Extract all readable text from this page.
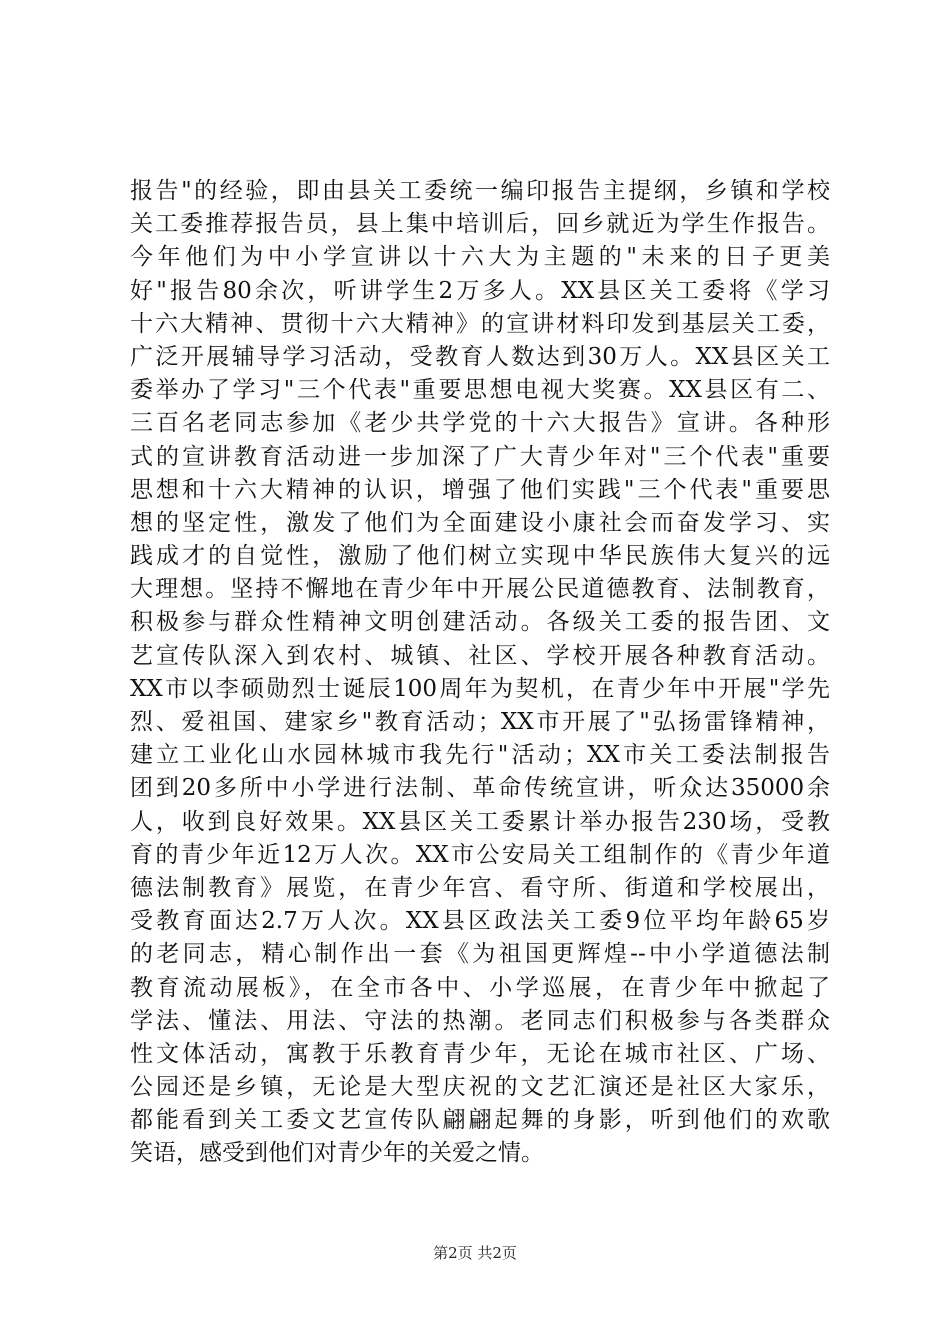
报告"的经验，即由县关工委统一编印报告主提纲，乡镇和学校
关工委推荐报告员，县上集中培训后，回乡就近为学生作报告。
今年他们为中小学宣讲以十六大为主题的"未来的日子更美
好"报告80余次，听讲学生2万多人。XX县区关工委将《学习
十六大精神、贯彻十六大精神》的宣讲材料印发到基层关工委，
广泛开展辅导学习活动，受教育人数达到30万人。XX县区关工
委举办了学习"三个代表"重要思想电视大奖赛。XX县区有二、
三百名老同志参加《老少共学党的十六大报告》宣讲。各种形
式的宣讲教育活动进一步加深了广大青少年对"三个代表"重要
思想和十六大精神的认识，增强了他们实践"三个代表"重要思
想的坚定性，激发了他们为全面建设小康社会而奋发学习、实
践成才的自觉性，激励了他们树立实现中华民族伟大复兴的远
大理想。坚持不懈地在青少年中开展公民道德教育、法制教育，
积极参与群众性精神文明创建活动。各级关工委的报告团、文
艺宣传队深入到农村、城镇、社区、学校开展各种教育活动。
XX市以李硕勋烈士诞辰100周年为契机，在青少年中开展"学先
烈、爱祖国、建家乡"教育活动；XX市开展了"弘扬雷锋精神，
建立工业化山水园林城市我先行"活动；XX市关工委法制报告
团到20多所中小学进行法制、革命传统宣讲，听众达35000余
人，收到良好效果。XX县区关工委累计举办报告230场，受教
育的青少年近12万人次。XX市公安局关工组制作的《青少年道
德法制教育》展览，在青少年宫、看守所、街道和学校展出，
受教育面达2.7万人次。XX县区政法关工委9位平均年龄65岁
的老同志，精心制作出一套《为祖国更辉煌--中小学道德法制
教育流动展板》，在全市各中、小学巡展，在青少年中掀起了
学法、懂法、用法、守法的热潮。老同志们积极参与各类群众
性文体活动，寓教于乐教育青少年，无论在城市社区、广场、
公园还是乡镇，无论是大型庆祝的文艺汇演还是社区大家乐，
都能看到关工委文艺宣传队翩翩起舞的身影，听到他们的欢歌
笑语，感受到他们对青少年的关爱之情。
第2页 共2页
